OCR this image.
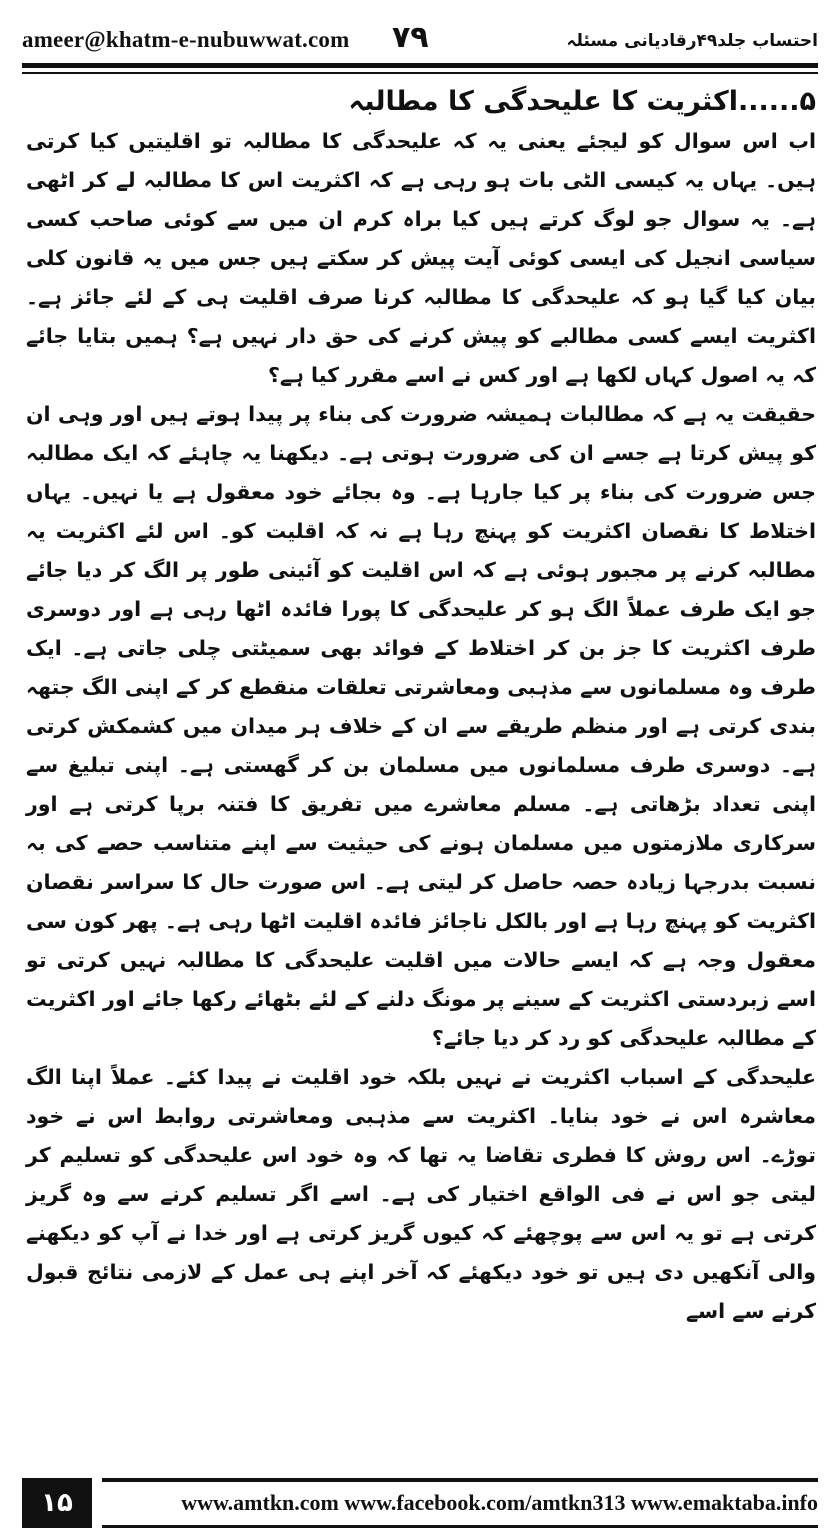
ameer@khatm-e-nubuwwat.com ۷۹	احتساب جلد۴۹رقادیانی مسئلہ
۵......اکثریت کا علیحدگی کا مطالبہ

اب اس سوال کو لیجئے یعنی یہ کہ علیحدگی کا مطالبہ تو اقلیتیں کیا کرتی ہیں۔ یہاں یہ کیسی الٹی بات ہو رہی ہے کہ اکثریت اس کا مطالبہ لے کر اٹھی ہے۔ یہ سوال جو لوگ کرتے ہیں کیا براہ کرم ان میں سے کوئی صاحب کسی سیاسی انجیل کی ایسی کوئی آیت پیش کر سکتے ہیں جس میں یہ قانون کلی بیان کیا گیا ہو کہ علیحدگی کا مطالبہ کرنا صرف اقلیت ہی کے لئے جائز ہے۔ اکثریت ایسے کسی مطالبے کو پیش کرنے کی حق دار نہیں ہے؟ ہمیں بتایا جائے کہ یہ اصول کہاں لکھا ہے اور کس نے اسے مقرر کیا ہے؟

حقیقت یہ ہے کہ مطالبات ہمیشہ ضرورت کی بناء پر پیدا ہوتے ہیں اور وہی ان کو پیش کرتا ہے جسے ان کی ضرورت ہوتی ہے۔ دیکھنا یہ چاہئے کہ ایک مطالبہ جس ضرورت کی بناء پر کیا جارہا ہے۔ وہ بجائے خود معقول ہے یا نہیں۔ یہاں اختلاط کا نقصان اکثریت کو پہنچ رہا ہے نہ کہ اقلیت کو۔ اس لئے اکثریت یہ مطالبہ کرنے پر مجبور ہوئی ہے کہ اس اقلیت کو آئینی طور پر الگ کر دیا جائے جو ایک طرف عملاً الگ ہو کر علیحدگی کا پورا فائدہ اٹھا رہی ہے اور دوسری طرف اکثریت کا جز بن کر اختلاط کے فوائد بھی سمیٹتی چلی جاتی ہے۔ ایک طرف وہ مسلمانوں سے مذہبی ومعاشرتی تعلقات منقطع کر کے اپنی الگ جتھہ بندی کرتی ہے اور منظم طریقے سے ان کے خلاف ہر میدان میں کشمکش کرتی ہے۔ دوسری طرف مسلمانوں میں مسلمان بن کر گھستی ہے۔ اپنی تبلیغ سے اپنی تعداد بڑھاتی ہے۔ مسلم معاشرے میں تفریق کا فتنہ برپا کرتی ہے اور سرکاری ملازمتوں میں مسلمان ہونے کی حیثیت سے اپنے متناسب حصے کی بہ نسبت بدرجہا زیادہ حصہ حاصل کر لیتی ہے۔ اس صورت حال کا سراسر نقصان اکثریت کو پہنچ رہا ہے اور بالکل ناجائز فائدہ اقلیت اٹھا رہی ہے۔ پھر کون سی معقول وجہ ہے کہ ایسے حالات میں اقلیت علیحدگی کا مطالبہ نہیں کرتی تو اسے زبردستی اکثریت کے سینے پر مونگ دلنے کے لئے بٹھائے رکھا جائے اور اکثریت کے مطالبہ علیحدگی کو رد کر دیا جائے؟

علیحدگی کے اسباب اکثریت نے نہیں بلکہ خود اقلیت نے پیدا کئے۔ عملاً اپنا الگ معاشرہ اس نے خود بنایا۔ اکثریت سے مذہبی ومعاشرتی روابط اس نے خود توڑے۔ اس روش کا فطری تقاضا یہ تھا کہ وہ خود اس علیحدگی کو تسلیم کر لیتی جو اس نے فی الواقع اختیار کی ہے۔ اسے اگر تسلیم کرنے سے وہ گریز کرتی ہے تو یہ اس سے پوچھئے کہ کیوں گریز کرتی ہے اور خدا نے آپ کو دیکھنے والی آنکھیں دی ہیں تو خود دیکھئے کہ آخر اپنے ہی عمل کے لازمی نتائج قبول کرنے سے اسے

۱۵	www.amtkn.com www.facebook.com/amtkn313 www.emaktaba.info
